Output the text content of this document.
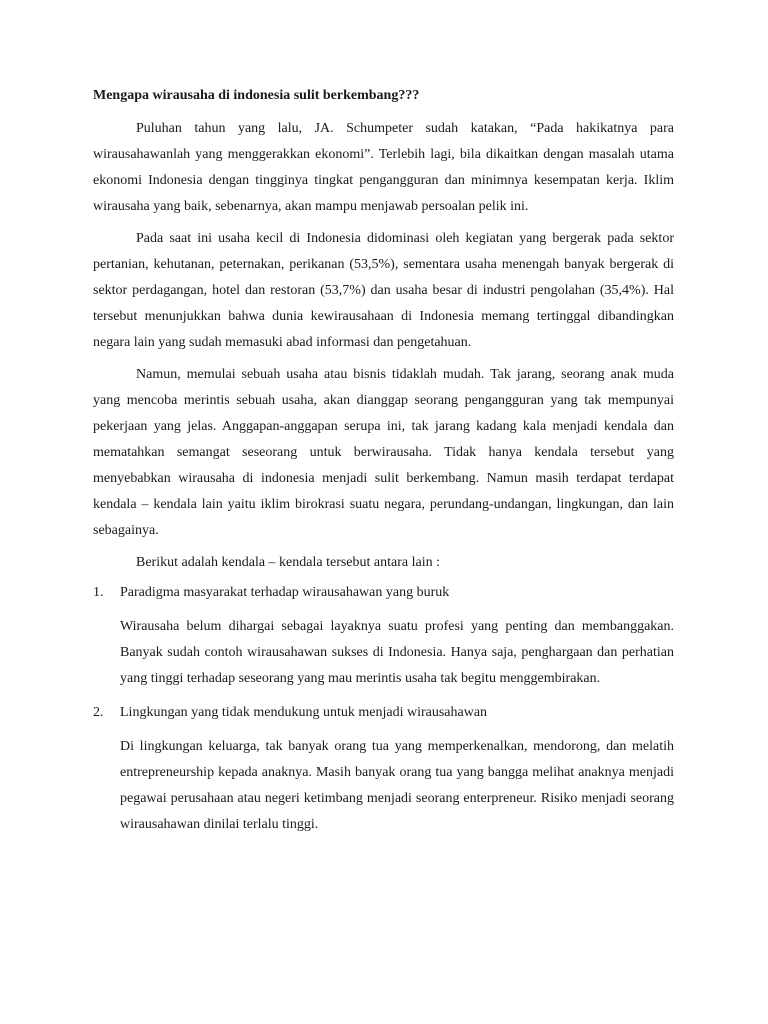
Mengapa wirausaha di indonesia sulit berkembang???

Puluhan tahun yang lalu, JA. Schumpeter sudah katakan, “Pada hakikatnya para wirausahawanlah yang menggerakkan ekonomi”. Terlebih lagi, bila dikaitkan dengan masalah utama ekonomi Indonesia dengan tingginya tingkat pengangguran dan minimnya kesempatan kerja. Iklim wirausaha yang baik, sebenarnya, akan mampu menjawab persoalan pelik ini.

Pada saat ini usaha kecil di Indonesia didominasi oleh kegiatan yang bergerak pada sektor pertanian, kehutanan, peternakan, perikanan (53,5%), sementara usaha menengah banyak bergerak di sektor perdagangan, hotel dan restoran (53,7%) dan usaha besar di industri pengolahan (35,4%). Hal tersebut menunjukkan bahwa dunia kewirausahaan di Indonesia memang tertinggal dibandingkan negara lain yang sudah memasuki abad informasi dan pengetahuan.

Namun, memulai sebuah usaha atau bisnis tidaklah mudah. Tak jarang, seorang anak muda yang mencoba merintis sebuah usaha, akan dianggap seorang pengangguran yang tak mempunyai pekerjaan yang jelas. Anggapan-anggapan serupa ini, tak jarang kadang kala menjadi kendala dan mematahkan semangat seseorang untuk berwirausaha. Tidak hanya kendala tersebut yang menyebabkan wirausaha di indonesia menjadi sulit berkembang. Namun masih terdapat terdapat kendala – kendala lain yaitu iklim birokrasi suatu negara, perundang-undangan, lingkungan, dan lain sebagainya.

Berikut adalah kendala – kendala tersebut antara lain :

1.	Paradigma masyarakat terhadap wirausahawan yang buruk

Wirausaha belum dihargai sebagai layaknya suatu profesi yang penting dan membanggakan. Banyak sudah contoh wirausahawan sukses di Indonesia. Hanya saja, penghargaan dan perhatian yang tinggi terhadap seseorang yang mau merintis usaha tak begitu menggembirakan.

2.	Lingkungan yang tidak mendukung untuk menjadi wirausahawan

Di lingkungan keluarga, tak banyak orang tua yang memperkenalkan, mendorong, dan melatih entrepreneurship kepada anaknya. Masih banyak orang tua yang bangga melihat anaknya menjadi pegawai perusahaan atau negeri ketimbang menjadi seorang enterpreneur. Risiko menjadi seorang wirausahawan dinilai terlalu tinggi.
